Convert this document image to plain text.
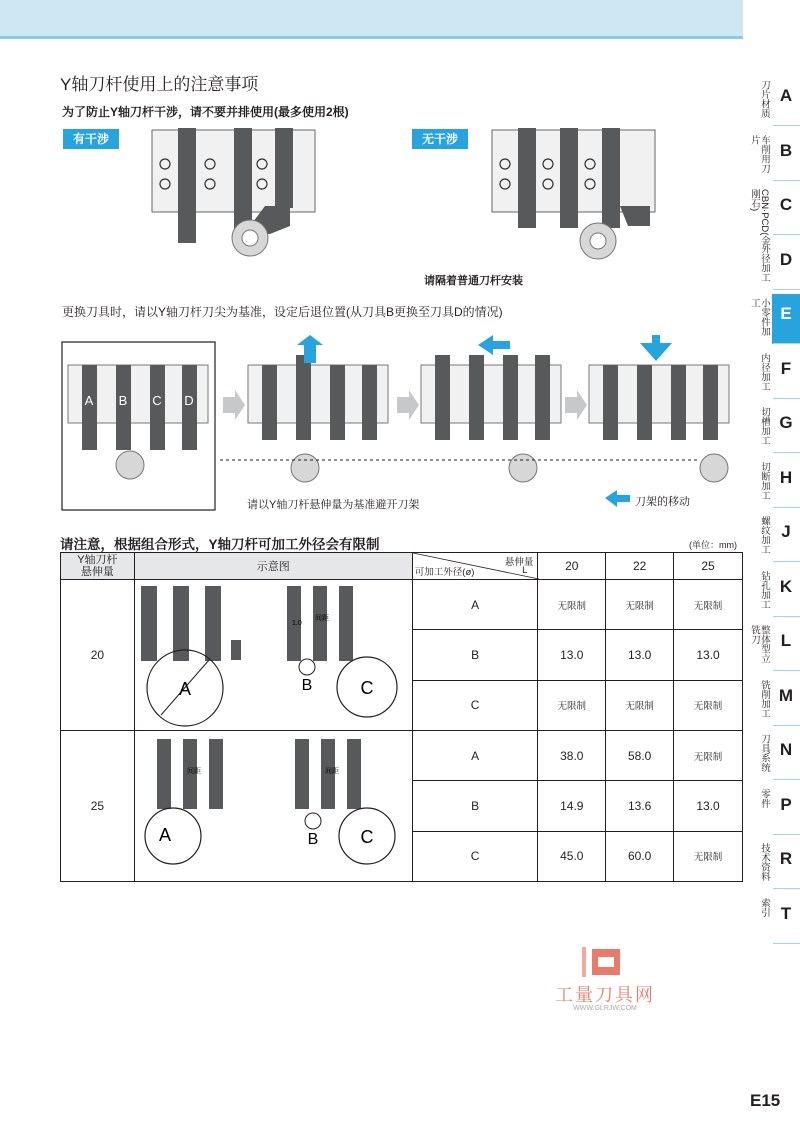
Y轴刀杆使用上的注意事项
为了防止Y轴刀杆干涉，请不要并排使用(最多使用2根)
有干涉	无干涉
请隔着普通刀杆安装
更换刀具时，请以Y轴刀杆刀尖为基准，设定后退位置(从刀具B更换至刀具D的情况)
A B C D
请以Y轴刀杆悬伸量为基准避开刀架	刀架的移动
请注意，根据组合形式，Y轴刀杆可加工外径会有限制	(单位：mm)
Y轴刀杆
悬伸量	示意图	悬伸量
L
可加工外径(ø)	20	22	25
20	A B C
间距
1.0	A	无限制	无限制	无限制
		B	13.0	13.0	13.0
		C	无限制	无限制	无限制
25	A B C
间距 间距	A	38.0	58.0	无限制
		B	14.9	13.6	13.0
		C	45.0	60.0	无限制
工量刀具网
WWW.GLRJW.COM
刀片材质 A
车削用刀片
B
CBN·PCD(金刚石)	C
外径加工 D
小零件加工
E
内径加工 F
切槽加工 G
切断加工 H
螺纹加工 J
钻孔加工 K
整体型立铣刀	L
铣削加工 M
刀具系统 N
零件 P
技术资料 R
索引 T
E15
